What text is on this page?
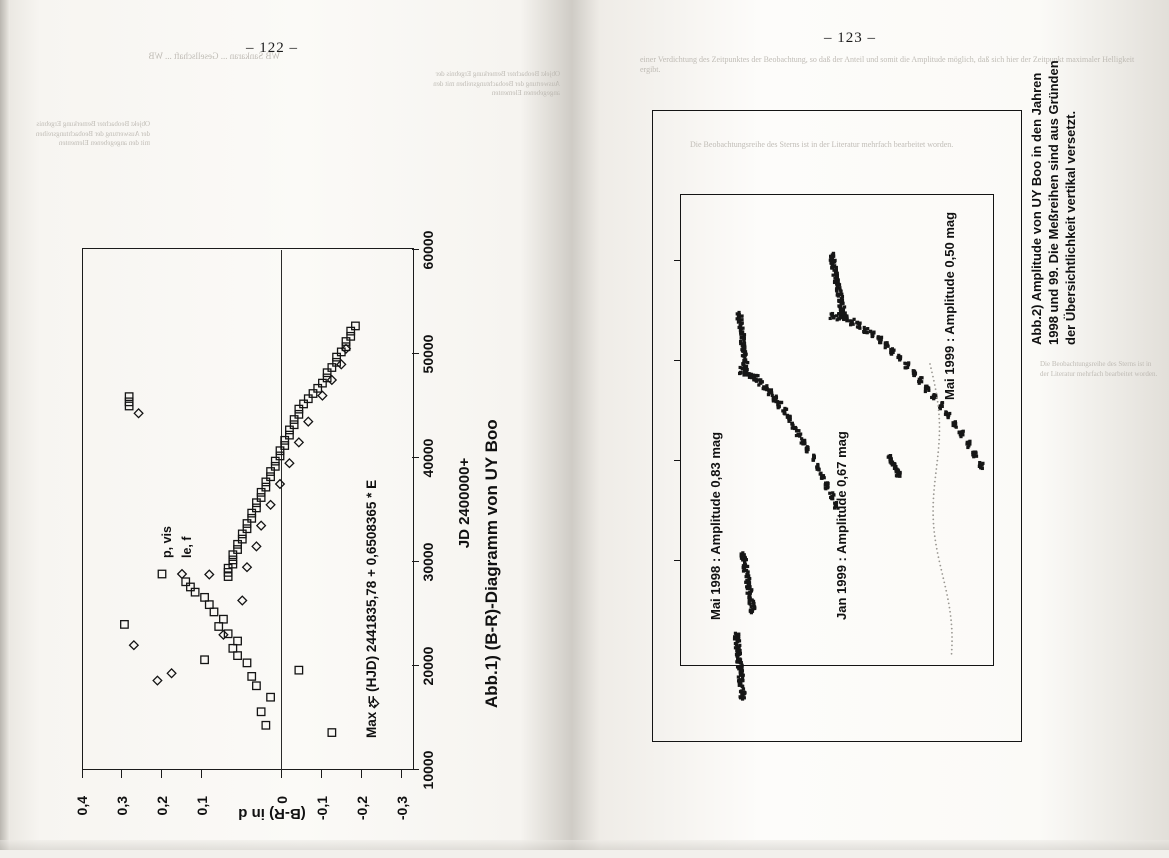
– 122 –
– 123 –
WB Sankaran ... Gesellschaft ... WB
Objekt Beobachter Bemerkung Ergebnis der Auswertung der Beobachtungsreihen mit den angegebenen Elementen
Objekt Beobachter Bemerkung Ergebnis der Auswertung der Beobachtungsreihen mit den angegebenen Elementen
einer Verdichtung des Zeitpunktes der Beobachtung, so daß der Anteil und somit die Amplitude möglich, daß sich hier der Zeitpunkt maximaler Helligkeit ergibt.
Die Beobachtungsreihe des Sterns ist in der Literatur mehrfach bearbeitet worden.
Die Beobachtungsreihe des Sterns ist in der Literatur mehrfach bearbeitet worden.
0,4 0,3 0,2 0,1	0 -0,1 -0,2 -0,3
10000
20000
30000
40000
50000
60000
(B-R) in d
JD 2400000+
Max := (HJD) 2441835,78 + 0,6508365 * E
p, vis le, f	Abb.1) (B-R)-Diagramm von UY Boo	Mai 1998 : Amplitude 0,83 mag	Jan 1999 : Amplitude 0,67 mag
Mai 1999 : Amplitude 0,50 mag	Abb.2) Amplitude von UY Boo in den Jahren 1998 und 99. Die Meßreihen sind aus Gründen der Übersichtlichkeit vertikal versetzt.
